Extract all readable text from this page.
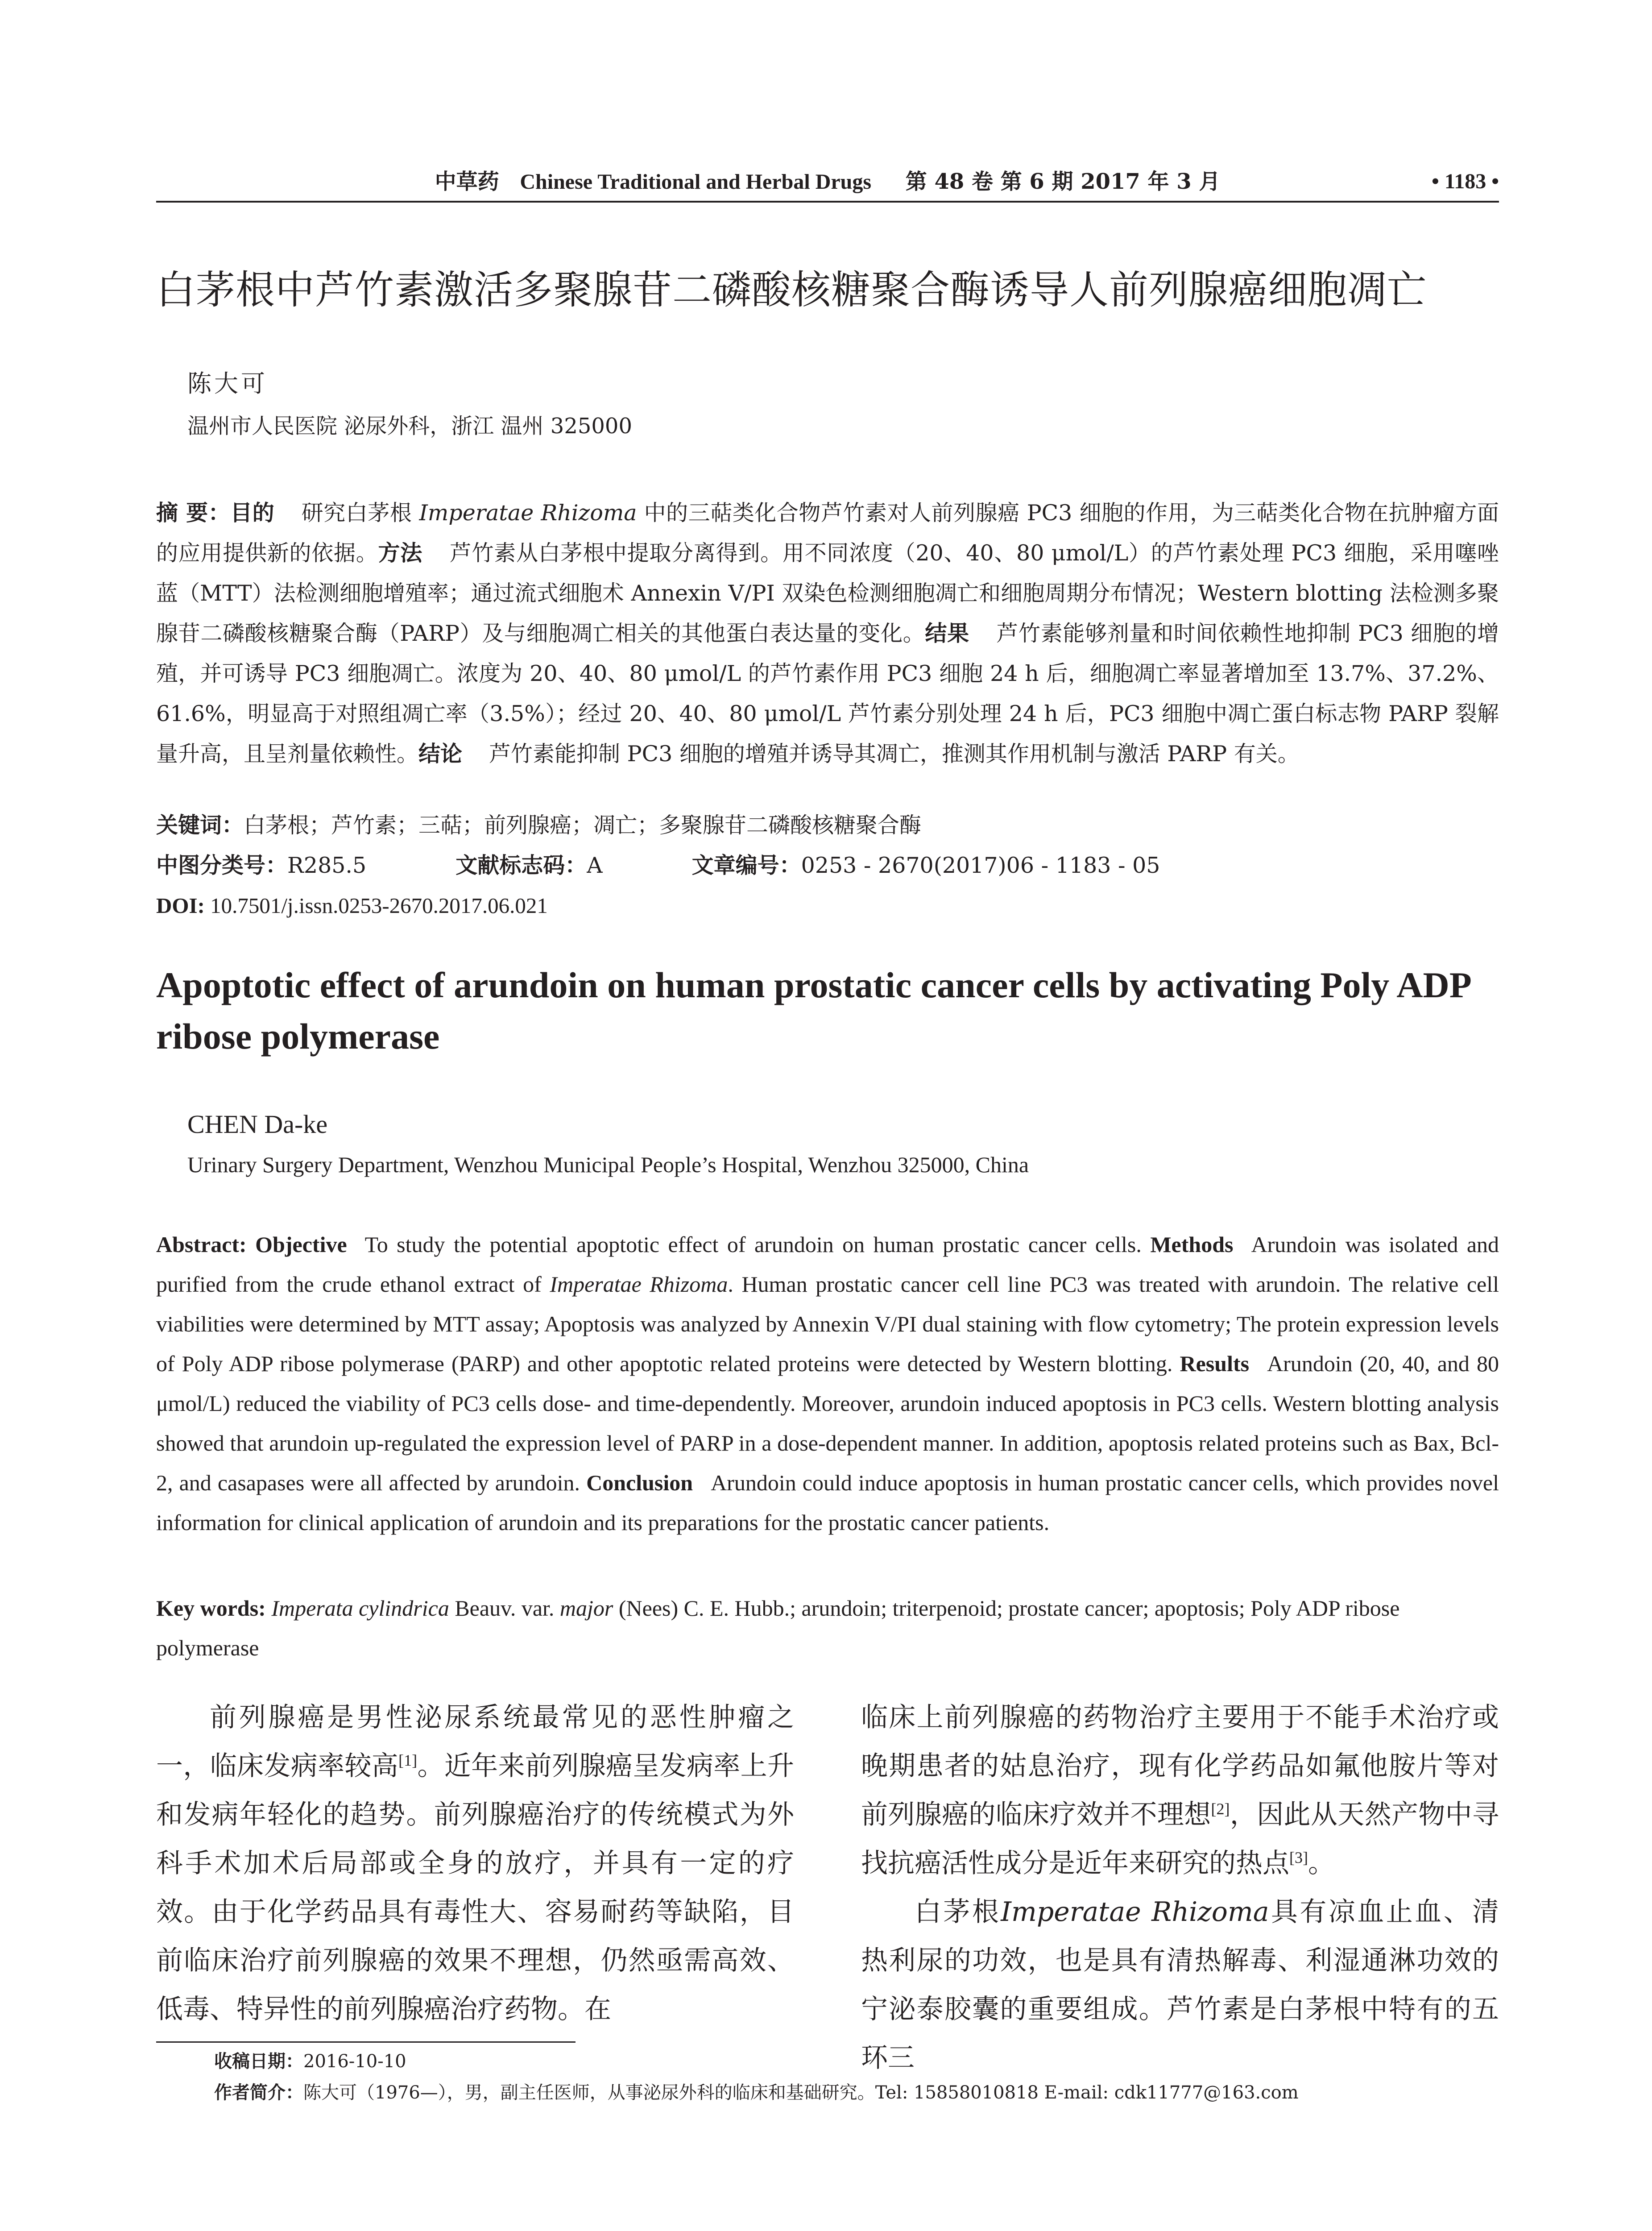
中草药 Chinese Traditional and Herbal Drugs 第 48 卷 第 6 期 2017 年 3 月	• 1183 •
白茅根中芦竹素激活多聚腺苷二磷酸核糖聚合酶诱导人前列腺癌细胞凋亡
陈大可
温州市人民医院 泌尿外科，浙江 温州 325000
摘 要：目的 研究白茅根 Imperatae Rhizoma 中的三萜类化合物芦竹素对人前列腺癌 PC3 细胞的作用，为三萜类化合物在抗肿瘤方面的应用提供新的依据。方法 芦竹素从白茅根中提取分离得到。用不同浓度（20、40、80 μmol/L）的芦竹素处理 PC3 细胞，采用噻唑蓝（MTT）法检测细胞增殖率；通过流式细胞术 Annexin V/PI 双染色检测细胞凋亡和细胞周期分布情况；Western blotting 法检测多聚腺苷二磷酸核糖聚合酶（PARP）及与细胞凋亡相关的其他蛋白表达量的变化。结果 芦竹素能够剂量和时间依赖性地抑制 PC3 细胞的增殖，并可诱导 PC3 细胞凋亡。浓度为 20、40、80 μmol/L 的芦竹素作用 PC3 细胞 24 h 后，细胞凋亡率显著增加至 13.7%、37.2%、61.6%，明显高于对照组凋亡率（3.5%）；经过 20、40、80 μmol/L 芦竹素分别处理 24 h 后，PC3 细胞中凋亡蛋白标志物 PARP 裂解量升高，且呈剂量依赖性。结论 芦竹素能抑制 PC3 细胞的增殖并诱导其凋亡，推测其作用机制与激活 PARP 有关。
关键词：白茅根；芦竹素；三萜；前列腺癌；凋亡；多聚腺苷二磷酸核糖聚合酶
中图分类号：R285.5	文献标志码：A	文章编号：0253 - 2670(2017)06 - 1183 - 05
DOI: 10.7501/j.issn.0253-2670.2017.06.021
Apoptotic effect of arundoin on human prostatic cancer cells by activating Poly ADP ribose polymerase
CHEN Da-ke
Urinary Surgery Department, Wenzhou Municipal People’s Hospital, Wenzhou 325000, China
Abstract: Objective To study the potential apoptotic effect of arundoin on human prostatic cancer cells. Methods Arundoin was isolated and purified from the crude ethanol extract of Imperatae Rhizoma. Human prostatic cancer cell line PC3 was treated with arundoin. The relative cell viabilities were determined by MTT assay; Apoptosis was analyzed by Annexin V/PI dual staining with flow cytometry; The protein expression levels of Poly ADP ribose polymerase (PARP) and other apoptotic related proteins were detected by Western blotting. Results Arundoin (20, 40, and 80 μmol/L) reduced the viability of PC3 cells dose- and time-dependently. Moreover, arundoin induced apoptosis in PC3 cells. Western blotting analysis showed that arundoin up-regulated the expression level of PARP in a dose-dependent manner. In addition, apoptosis related proteins such as Bax, Bcl-2, and casapases were all affected by arundoin. Conclusion Arundoin could induce apoptosis in human prostatic cancer cells, which provides novel information for clinical application of arundoin and its preparations for the prostatic cancer patients.
Key words: Imperata cylindrica Beauv. var. major (Nees) C. E. Hubb.; arundoin; triterpenoid; prostate cancer; apoptosis; Poly ADP ribose polymerase

前列腺癌是男性泌尿系统最常见的恶性肿瘤之一，临床发病率较高[1]。近年来前列腺癌呈发病率上升和发病年轻化的趋势。前列腺癌治疗的传统模式为外科手术加术后局部或全身的放疗，并具有一定的疗效。由于化学药品具有毒性大、容易耐药等缺陷，目前临床治疗前列腺癌的效果不理想，仍然亟需高效、低毒、特异性的前列腺癌治疗药物。在

临床上前列腺癌的药物治疗主要用于不能手术治疗或晚期患者的姑息治疗，现有化学药品如氟他胺片等对前列腺癌的临床疗效并不理想[2]，因此从天然产物中寻找抗癌活性成分是近年来研究的热点[3]。

白茅根Imperatae Rhizoma具有凉血止血、清热利尿的功效，也是具有清热解毒、利湿通淋功效的宁泌泰胶囊的重要组成。芦竹素是白茅根中特有的五环三

收稿日期：2016-10-10
作者简介：陈大可（1976—），男，副主任医师，从事泌尿外科的临床和基础研究。Tel: 15858010818 E-mail: cdk11777@163.com
